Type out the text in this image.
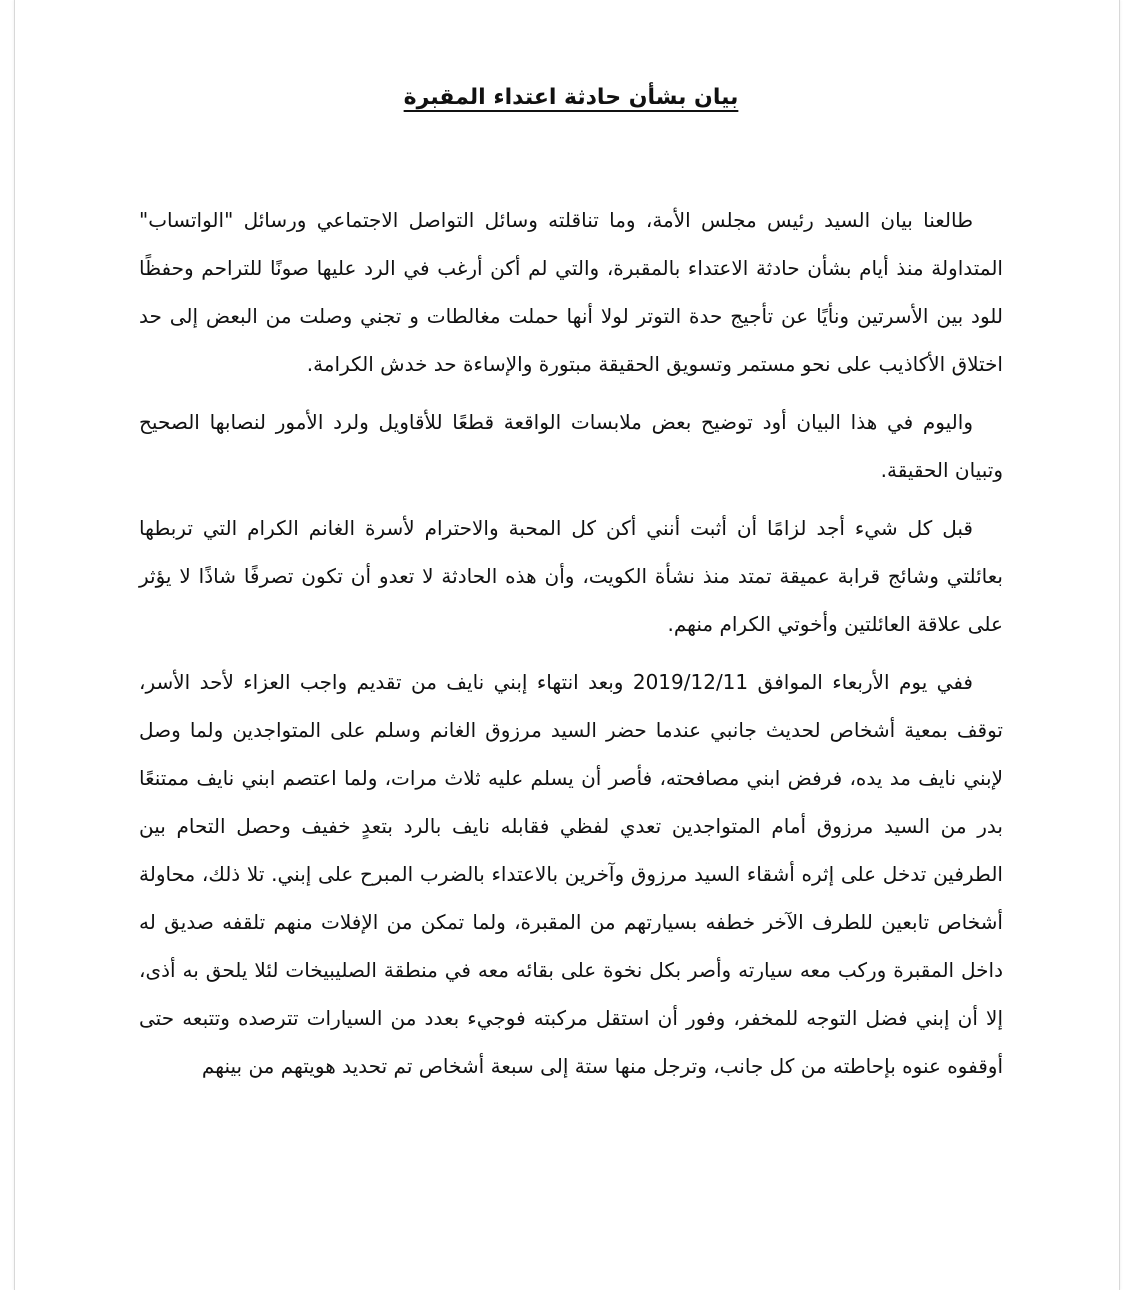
بيان بشأن حادثة اعتداء المقبرة

طالعنا بيان السيد رئيس مجلس الأمة، وما تناقلته وسائل التواصل الاجتماعي ورسائل "الواتساب" المتداولة منذ أيام بشأن حادثة الاعتداء بالمقبرة، والتي لم أكن أرغب في الرد عليها صونًا للتراحم وحفظًا للود بين الأسرتين ونأيًا عن تأجيج حدة التوتر لولا أنها حملت مغالطات و تجني وصلت من البعض إلى حد اختلاق الأكاذيب على نحو مستمر وتسويق الحقيقة مبتورة والإساءة حد خدش الكرامة.

واليوم في هذا البيان أود توضيح بعض ملابسات الواقعة قطعًا للأقاويل ولرد الأمور لنصابها الصحيح وتبيان الحقيقة.

قبل كل شيء أجد لزامًا أن أثبت أنني أكن كل المحبة والاحترام لأسرة الغانم الكرام التي تربطها بعائلتي وشائج قرابة عميقة تمتد منذ نشأة الكويت، وأن هذه الحادثة لا تعدو أن تكون تصرفًا شاذًا لا يؤثر على علاقة العائلتين وأخوتي الكرام منهم.

ففي يوم الأربعاء الموافق 2019/12/11 وبعد انتهاء إبني نايف من تقديم واجب العزاء لأحد الأسر، توقف بمعية أشخاص لحديث جانبي عندما حضر السيد مرزوق الغانم وسلم على المتواجدين ولما وصل لإبني نايف مد يده، فرفض ابني مصافحته، فأصر أن يسلم عليه ثلاث مرات، ولما اعتصم ابني نايف ممتنعًا بدر من السيد مرزوق أمام المتواجدين تعدي لفظي فقابله نايف بالرد بتعدٍ خفيف وحصل التحام بين الطرفين تدخل على إثره أشقاء السيد مرزوق وآخرين بالاعتداء بالضرب المبرح على إبني. تلا ذلك، محاولة أشخاص تابعين للطرف الآخر خطفه بسيارتهم من المقبرة، ولما تمكن من الإفلات منهم تلقفه صديق له داخل المقبرة وركب معه سيارته وأصر بكل نخوة على بقائه معه في منطقة الصليبيخات لئلا يلحق به أذى، إلا أن إبني فضل التوجه للمخفر، وفور أن استقل مركبته فوجيء بعدد من السيارات تترصده وتتبعه حتى أوقفوه عنوه بإحاطته من كل جانب، وترجل منها ستة إلى سبعة أشخاص تم تحديد هويتهم من بينهم
